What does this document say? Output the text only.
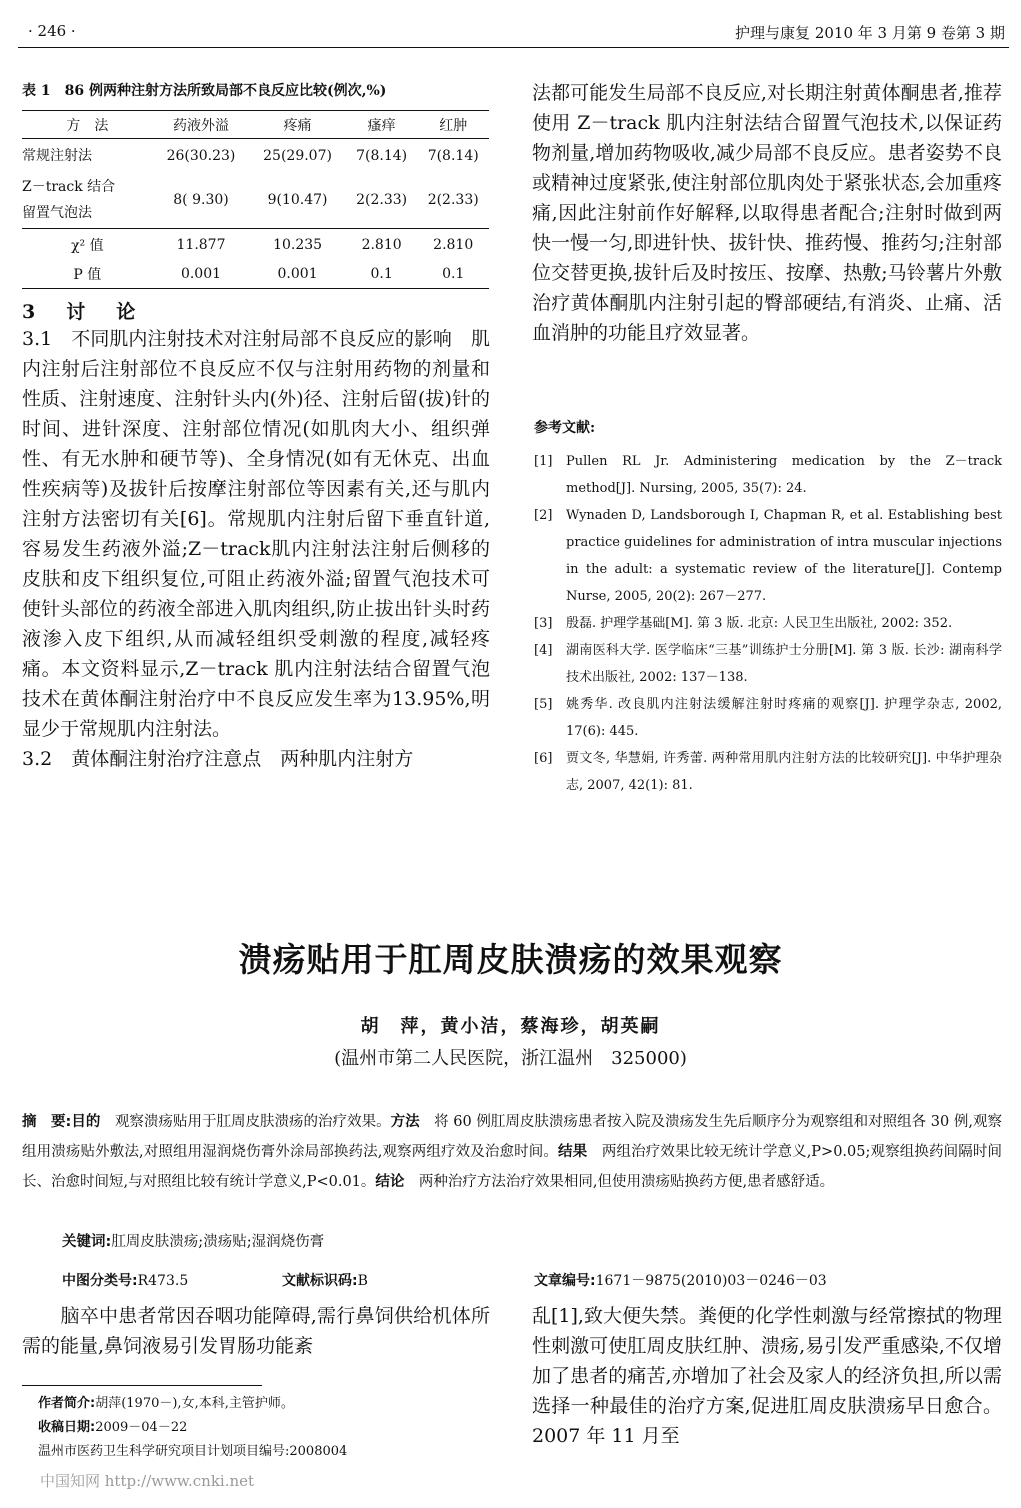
· 246 ·	护理与康复 2010 年 3 月第 9 卷第 3 期
表 1　86 例两种注射方法所致局部不良反应比较(例次,%)
方　法	药液外溢	疼痛	瘙痒	红肿
常规注射法	26(30.23)	25(29.07)	7(8.14)	7(8.14)
Z－track 结合
留置气泡法	8( 9.30)	9(10.47)	2(2.33)	2(2.33)
χ² 值	11.877	10.235	2.810	2.810
P 值	0.001	0.001	0.1	0.1
3　讨　论

3.1　不同肌内注射技术对注射局部不良反应的影响　肌内注射后注射部位不良反应不仅与注射用药物的剂量和性质、注射速度、注射针头内(外)径、注射后留(拔)针的时间、进针深度、注射部位情况(如肌肉大小、组织弹性、有无水肿和硬节等)、全身情况(如有无休克、出血性疾病等)及拔针后按摩注射部位等因素有关,还与肌内注射方法密切有关[6]。常规肌内注射后留下垂直针道,容易发生药液外溢;Z－track肌内注射法注射后侧移的皮肤和皮下组织复位,可阻止药液外溢;留置气泡技术可使针头部位的药液全部进入肌肉组织,防止拔出针头时药液渗入皮下组织,从而减轻组织受刺激的程度,减轻疼痛。本文资料显示,Z－track 肌内注射法结合留置气泡技术在黄体酮注射治疗中不良反应发生率为13.95%,明显少于常规肌内注射法。

3.2　黄体酮注射治疗注意点　两种肌内注射方

法都可能发生局部不良反应,对长期注射黄体酮患者,推荐使用 Z－track 肌内注射法结合留置气泡技术,以保证药物剂量,增加药物吸收,减少局部不良反应。患者姿势不良或精神过度紧张,使注射部位肌肉处于紧张状态,会加重疼痛,因此注射前作好解释,以取得患者配合;注射时做到两快一慢一匀,即进针快、拔针快、推药慢、推药匀;注射部位交替更换,拔针后及时按压、按摩、热敷;马铃薯片外敷治疗黄体酮肌内注射引起的臀部硬结,有消炎、止痛、活血消肿的功能且疗效显著。
参考文献:
[1]	Pullen RL Jr. Administering medication by the Z－track method[J]. Nursing, 2005, 35(7): 24.
[2]	Wynaden D, Landsborough I, Chapman R, et al. Establishing best practice guidelines for administration of intra muscular injections in the adult: a systematic review of the literature[J]. Contemp Nurse, 2005, 20(2): 267－277.
[3]	殷磊. 护理学基础[M]. 第 3 版. 北京: 人民卫生出版社, 2002: 352.
[4]	湖南医科大学. 医学临床“三基”训练护士分册[M]. 第 3 版. 长沙: 湖南科学技术出版社, 2002: 137－138.
[5]	姚秀华. 改良肌内注射法缓解注射时疼痛的观察[J]. 护理学杂志, 2002, 17(6): 445.
[6]	贾文冬, 华慧娟, 许秀蕾. 两种常用肌内注射方法的比较研究[J]. 中华护理杂志, 2007, 42(1): 81.
溃疡贴用于肛周皮肤溃疡的效果观察
胡　萍，黄小洁，蔡海珍，胡英嗣
(温州市第二人民医院，浙江温州　325000)
摘　要:目的　观察溃疡贴用于肛周皮肤溃疡的治疗效果。方法　将 60 例肛周皮肤溃疡患者按入院及溃疡发生先后顺序分为观察组和对照组各 30 例,观察组用溃疡贴外敷法,对照组用湿润烧伤膏外涂局部换药法,观察两组疗效及治愈时间。结果　两组治疗效果比较无统计学意义,P>0.05;观察组换药间隔时间长、治愈时间短,与对照组比较有统计学意义,P<0.01。结论　两种治疗方法治疗效果相同,但使用溃疡贴换药方便,患者感舒适。
关键词:肛周皮肤溃疡;溃疡贴;湿润烧伤膏
中图分类号:R473.5	文献标识码:B	文章编号:1671－9875(2010)03－0246－03
　　脑卒中患者常因吞咽功能障碍,需行鼻饲供给机体所需的能量,鼻饲液易引发胃肠功能紊
乱[1],致大便失禁。粪便的化学性刺激与经常擦拭的物理性刺激可使肛周皮肤红肿、溃疡,易引发严重感染,不仅增加了患者的痛苦,亦增加了社会及家人的经济负担,所以需选择一种最佳的治疗方案,促进肛周皮肤溃疡早日愈合。2007 年 11 月至
作者简介:胡萍(1970－),女,本科,主管护师。
收稿日期:2009－04－22
温州市医药卫生科学研究项目计划项目编号:2008004
中国知网 http://www.cnki.net
